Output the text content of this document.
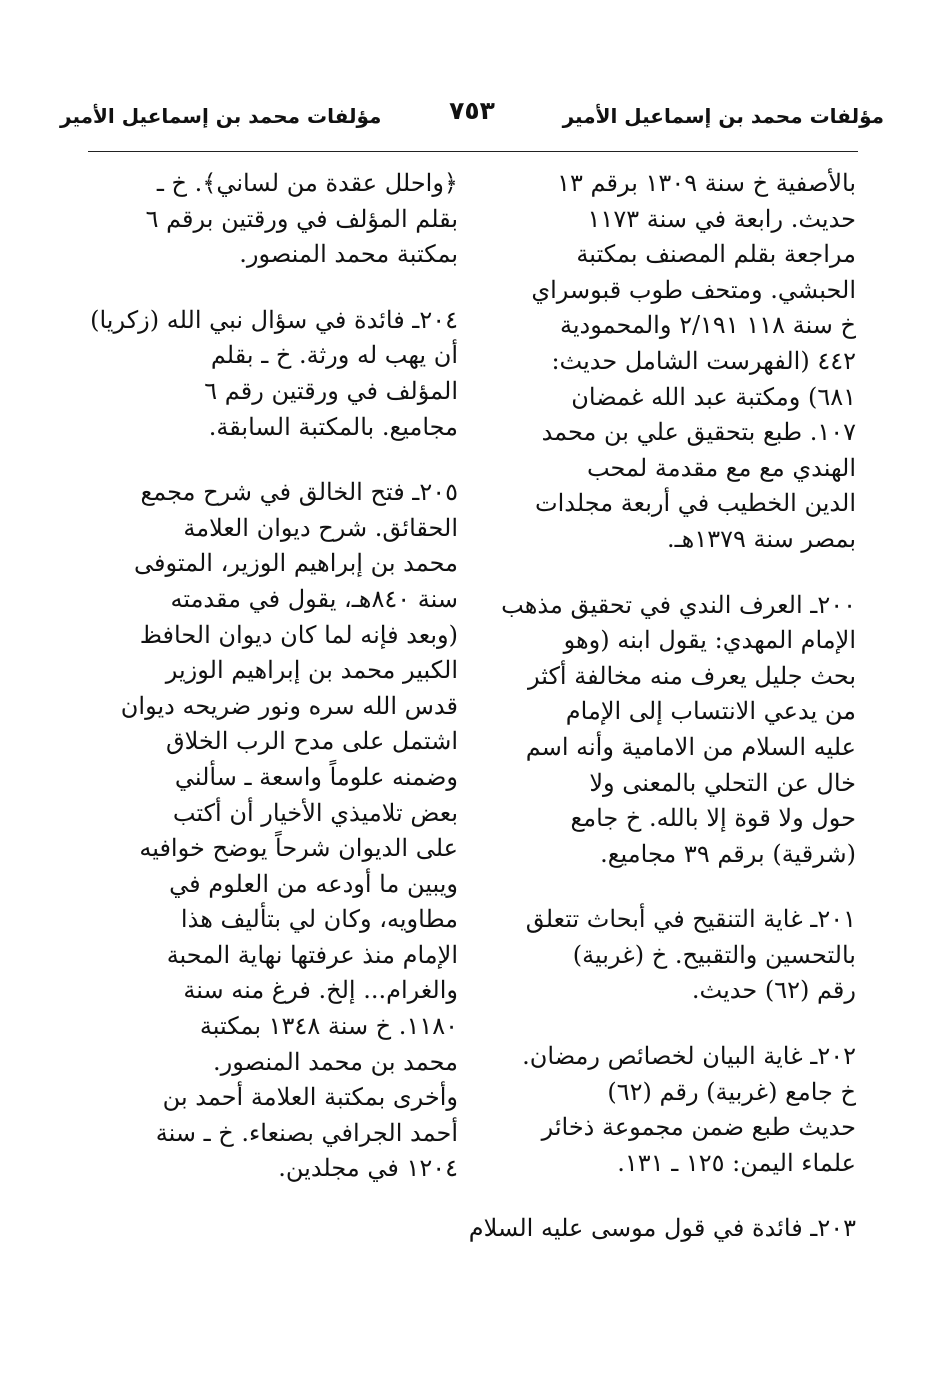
مؤلفات محمد بن إسماعيل الأمير
٧٥٣
مؤلفات محمد بن إسماعيل الأمير
بالأصفية خ سنة ١٣٠٩ برقم ١٣
حديث. رابعة في سنة ١١٧٣
مراجعة بقلم المصنف بمكتبة
الحبشي. ومتحف طوب قبوسراي
خ سنة ١١٨ ٢/١٩١ والمحمودية
٤٤٢ (الفهرست الشامل حديث:
٦٨١) ومكتبة عبد الله غمضان
١٠٧. طبع بتحقيق علي بن محمد
الهندي مع مع مقدمة لمحب
الدين الخطيب في أربعة مجلدات
بمصر سنة ١٣٧٩هـ.
٢٠٠ـ العرف الندي في تحقيق مذهب
الإمام المهدي: يقول ابنه (وهو
بحث جليل يعرف منه مخالفة أكثر
من يدعي الانتساب إلى الإمام
عليه السلام من الامامية وأنه اسم
خال عن التحلي بالمعنى ولا
حول ولا قوة إلا بالله. خ جامع
(شرقية) برقم ٣٩ مجاميع.
٢٠١ـ غاية التنقيح في أبحاث تتعلق
بالتحسين والتقبيح. خ (غربية)
رقم (٦٢) حديث.
٢٠٢ـ غاية البيان لخصائص رمضان.
خ جامع (غربية) رقم (٦٢)
حديث طبع ضمن مجموعة ذخائر
علماء اليمن: ١٢٥ ـ ١٣١.
٢٠٣ـ فائدة في قول موسى عليه السلام
﴿واحلل عقدة من لساني﴾. خ ـ
بقلم المؤلف في ورقتين برقم ٦
بمكتبة محمد المنصور.
٢٠٤ـ فائدة في سؤال نبي الله (زكريا)
أن يهب له ورثة. خ ـ بقلم
المؤلف في ورقتين رقم ٦
مجاميع. بالمكتبة السابقة.
٢٠٥ـ فتح الخالق في شرح مجمع
الحقائق. شرح ديوان العلامة
محمد بن إبراهيم الوزير، المتوفى
سنة ٨٤٠هـ، يقول في مقدمته
(وبعد فإنه لما كان ديوان الحافظ
الكبير محمد بن إبراهيم الوزير
قدس الله سره ونور ضريحه ديوان
اشتمل على مدح الرب الخلاق
وضمنه علوماً واسعة ـ سألني
بعض تلاميذي الأخيار أن أكتب
على الديوان شرحاً يوضح خوافيه
ويبين ما أودعه من العلوم في
مطاويه، وكان لي بتأليف هذا
الإمام منذ عرفتها نهاية المحبة
والغرام... إلخ. فرغ منه سنة
١١٨٠. خ سنة ١٣٤٨ بمكتبة
محمد بن محمد المنصور.
وأخرى بمكتبة العلامة أحمد بن
أحمد الجرافي بصنعاء. خ ـ سنة
١٢٠٤ في مجلدين.
